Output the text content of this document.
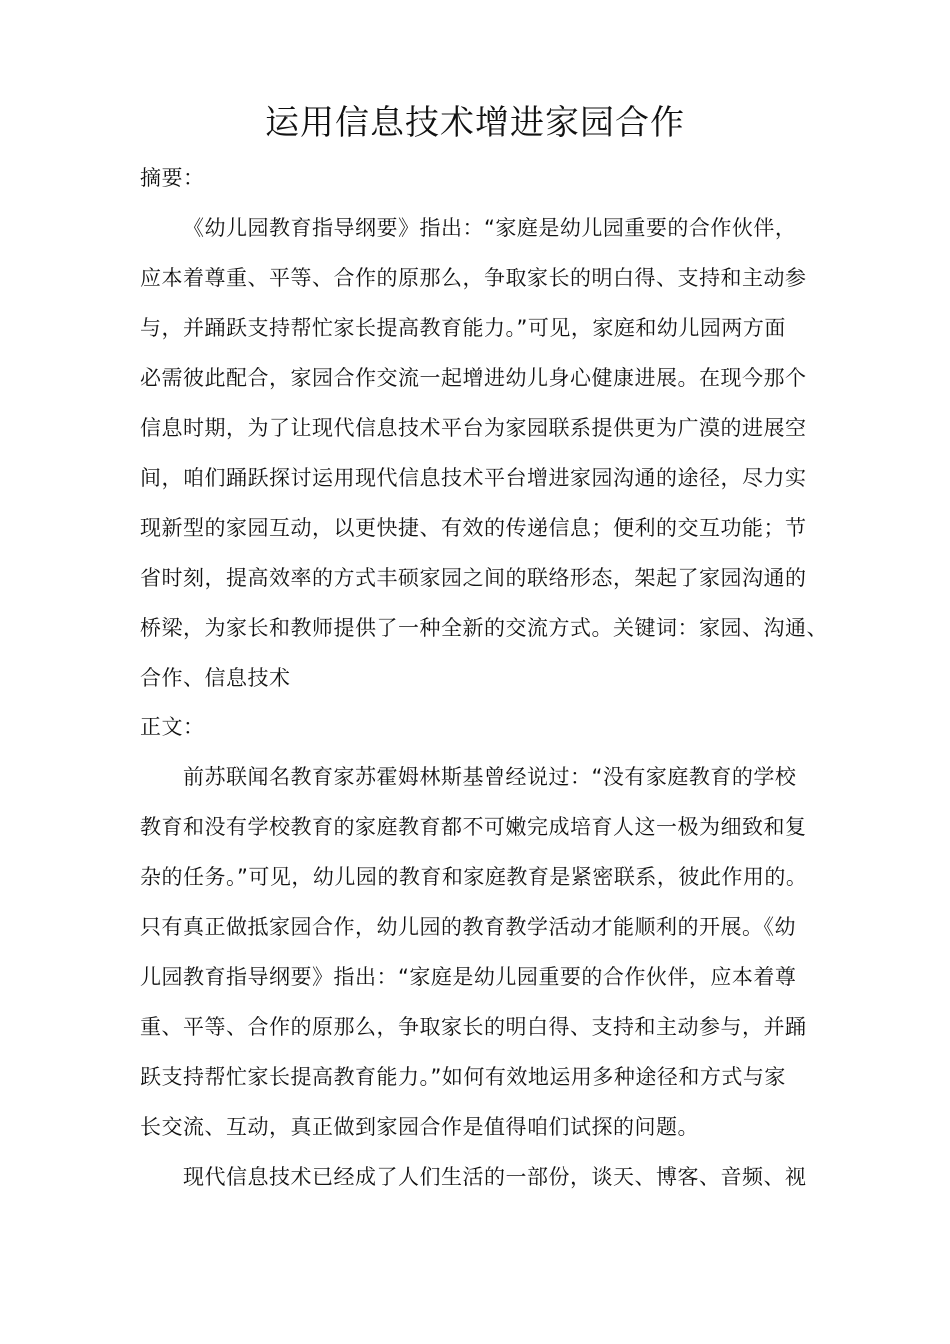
运用信息技术增进家园合作
摘要：
《幼儿园教育指导纲要》指出：“家庭是幼儿园重要的合作伙伴，
应本着尊重、平等、合作的原那么，争取家长的明白得、支持和主动参
与，并踊跃支持帮忙家长提高教育能力。”可见，家庭和幼儿园两方面
必需彼此配合，家园合作交流一起增进幼儿身心健康进展。在现今那个
信息时期，为了让现代信息技术平台为家园联系提供更为广漠的进展空
间，咱们踊跃探讨运用现代信息技术平台增进家园沟通的途径，尽力实
现新型的家园互动，以更快捷、有效的传递信息；便利的交互功能；节
省时刻，提高效率的方式丰硕家园之间的联络形态，架起了家园沟通的
桥梁，为家长和教师提供了一种全新的交流方式。关键词：家园、沟通、
合作、信息技术
正文：
前苏联闻名教育家苏霍姆林斯基曾经说过：“没有家庭教育的学校
教育和没有学校教育的家庭教育都不可嫩完成培育人这一极为细致和复
杂的任务。”可见，幼儿园的教育和家庭教育是紧密联系，彼此作用的。
只有真正做抵家园合作，幼儿园的教育教学活动才能顺利的开展。《幼
儿园教育指导纲要》指出：“家庭是幼儿园重要的合作伙伴，应本着尊
重、平等、合作的原那么，争取家长的明白得、支持和主动参与，并踊
跃支持帮忙家长提高教育能力。”如何有效地运用多种途径和方式与家
长交流、互动，真正做到家园合作是值得咱们试探的问题。
现代信息技术已经成了人们生活的一部份，谈天、博客、音频、视
